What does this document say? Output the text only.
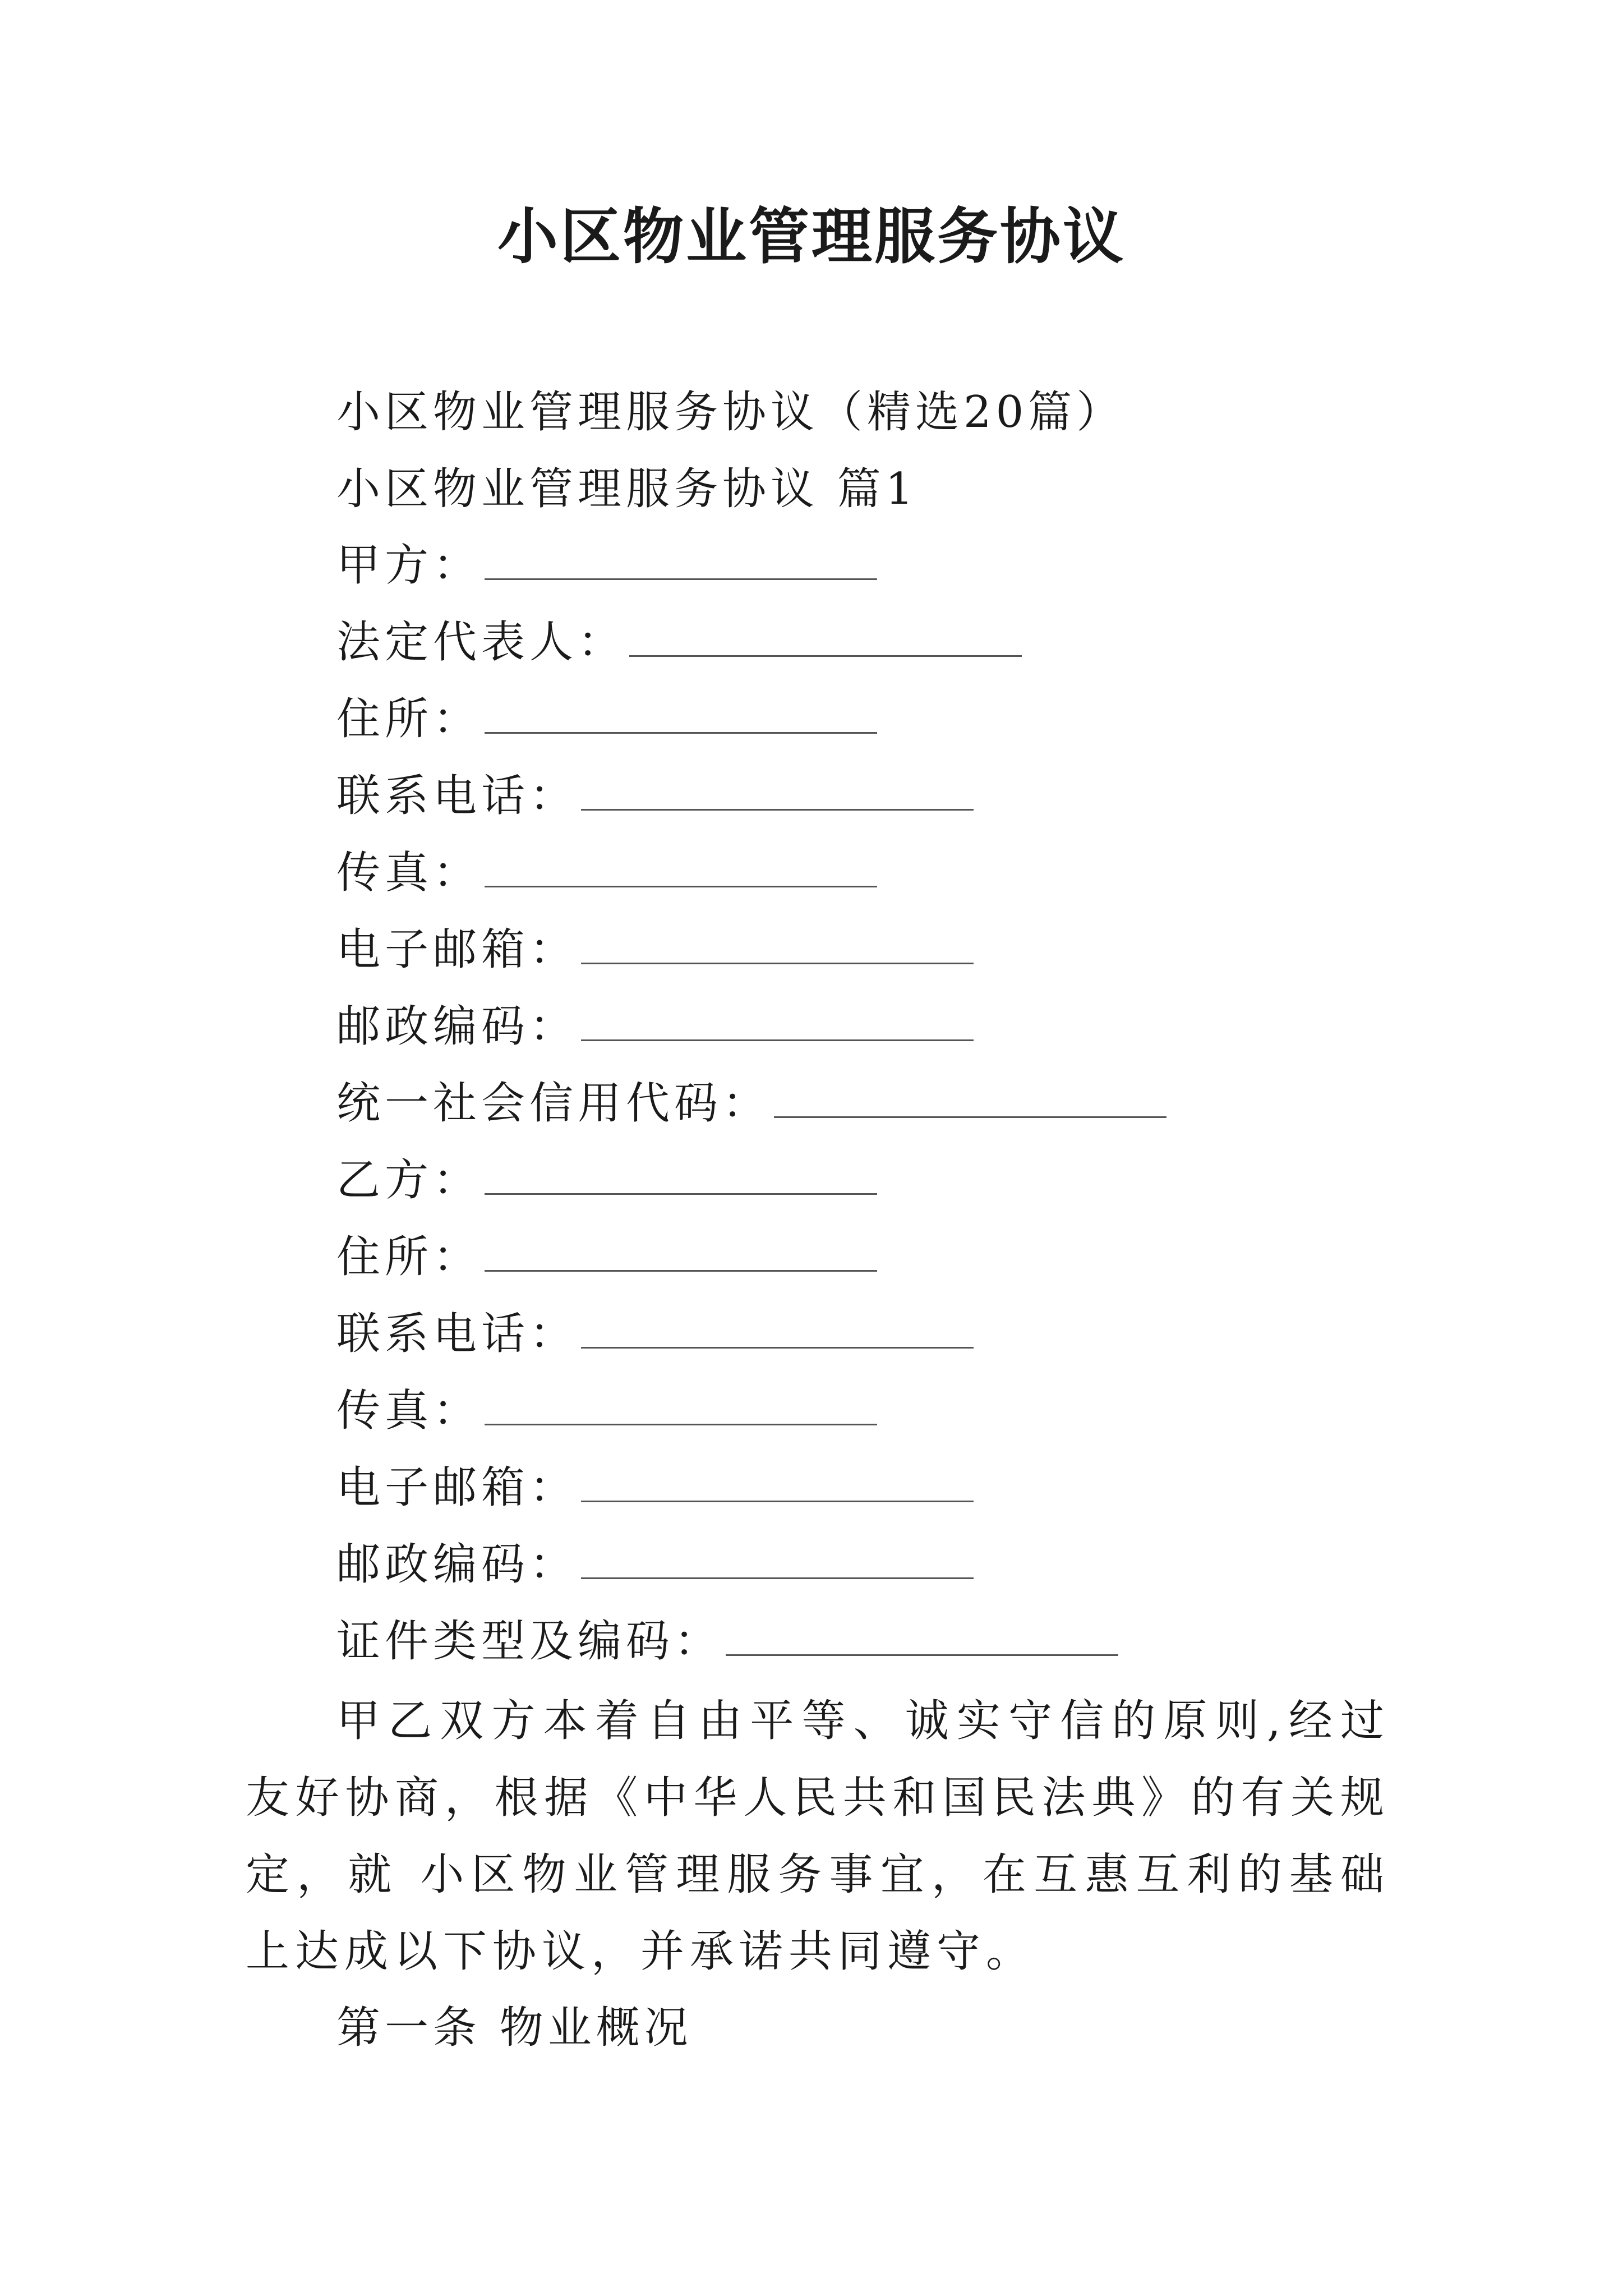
小区物业管理服务协议
小区物业管理服务协议（精选20篇）
小区物业管理服务协议 篇1
甲方：
法定代表人：
住所：
联系电话：
传真：
电子邮箱：
邮政编码：
统一社会信用代码：
乙方：
住所：
联系电话：
传真：
电子邮箱：
邮政编码：
证件类型及编码：
甲乙双方本着自由平等、诚实守信的原则,经过友好协商，根据《中华人民共和国民法典》的有关规定，就 小区物业管理服务事宜，在互惠互利的基础上达成以下协议，并承诺共同遵守。
第一条 物业概况
